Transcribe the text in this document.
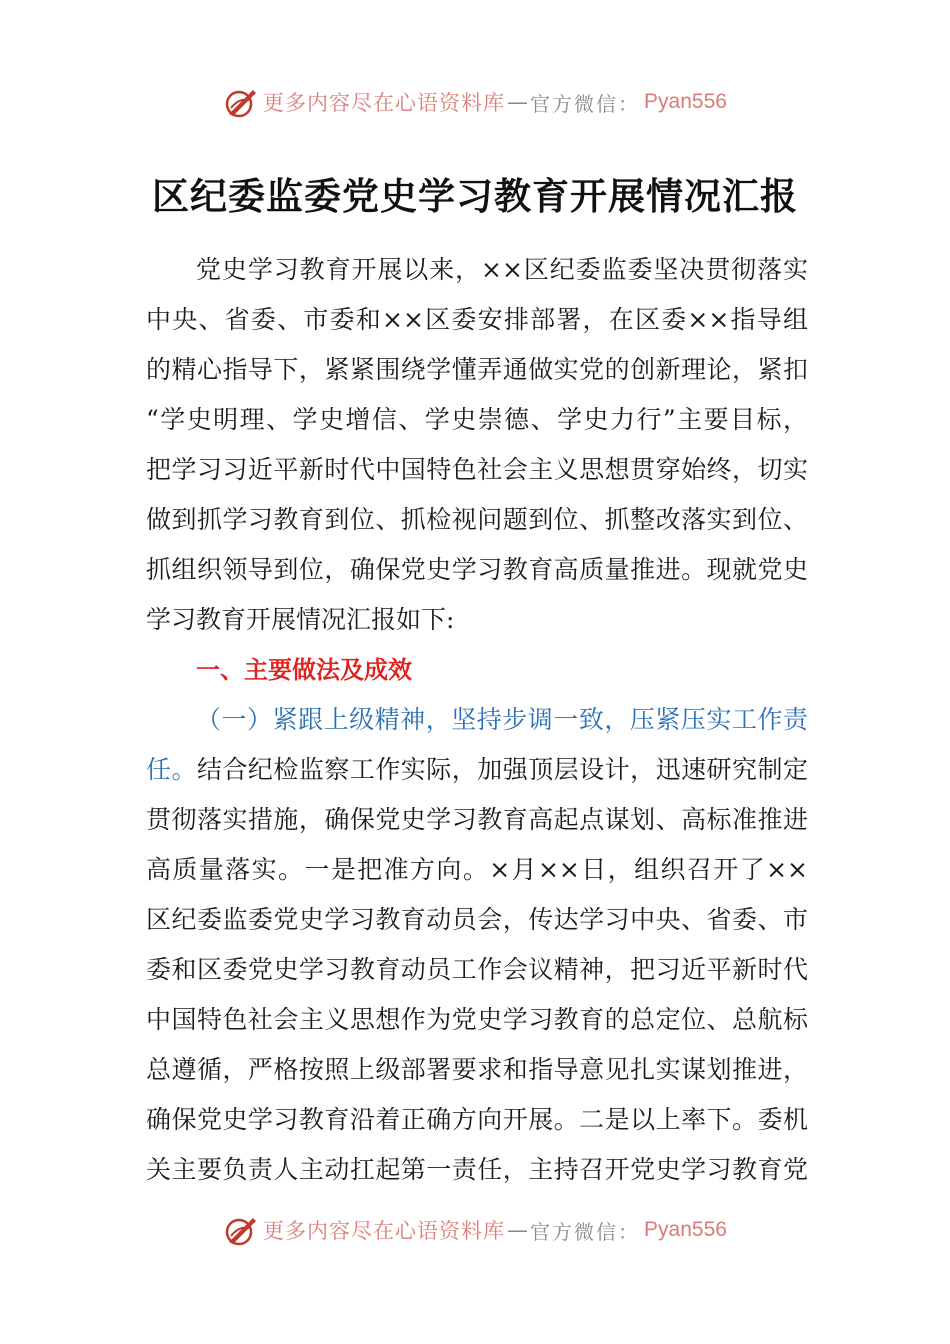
更多内容尽在心语资料库 — 官方微信： Pyan556
区纪委监委党史学习教育开展情况汇报
党史学习教育开展以来，××区纪委监委坚决贯彻落实
中央、省委、市委和××区委安排部署，在区委××指导组
的精心指导下，紧紧围绕学懂弄通做实党的创新理论，紧扣
“学史明理、学史增信、学史崇德、学史力行”主要目标，
把学习习近平新时代中国特色社会主义思想贯穿始终，切实
做到抓学习教育到位、抓检视问题到位、抓整改落实到位、
抓组织领导到位，确保党史学习教育高质量推进。现就党史
学习教育开展情况汇报如下:
一、主要做法及成效
（一）紧跟上级精神，坚持步调一致，压紧压实工作责
任。结合纪检监察工作实际，加强顶层设计，迅速研究制定
贯彻落实措施，确保党史学习教育高起点谋划、高标准推进
高质量落实。一是把准方向。×月××日，组织召开了××
区纪委监委党史学习教育动员会，传达学习中央、省委、市
委和区委党史学习教育动员工作会议精神，把习近平新时代
中国特色社会主义思想作为党史学习教育的总定位、总航标
总遵循，严格按照上级部署要求和指导意见扎实谋划推进，
确保党史学习教育沿着正确方向开展。二是以上率下。委机
关主要负责人主动扛起第一责任，主持召开党史学习教育党
更多内容尽在心语资料库 — 官方微信： Pyan556
